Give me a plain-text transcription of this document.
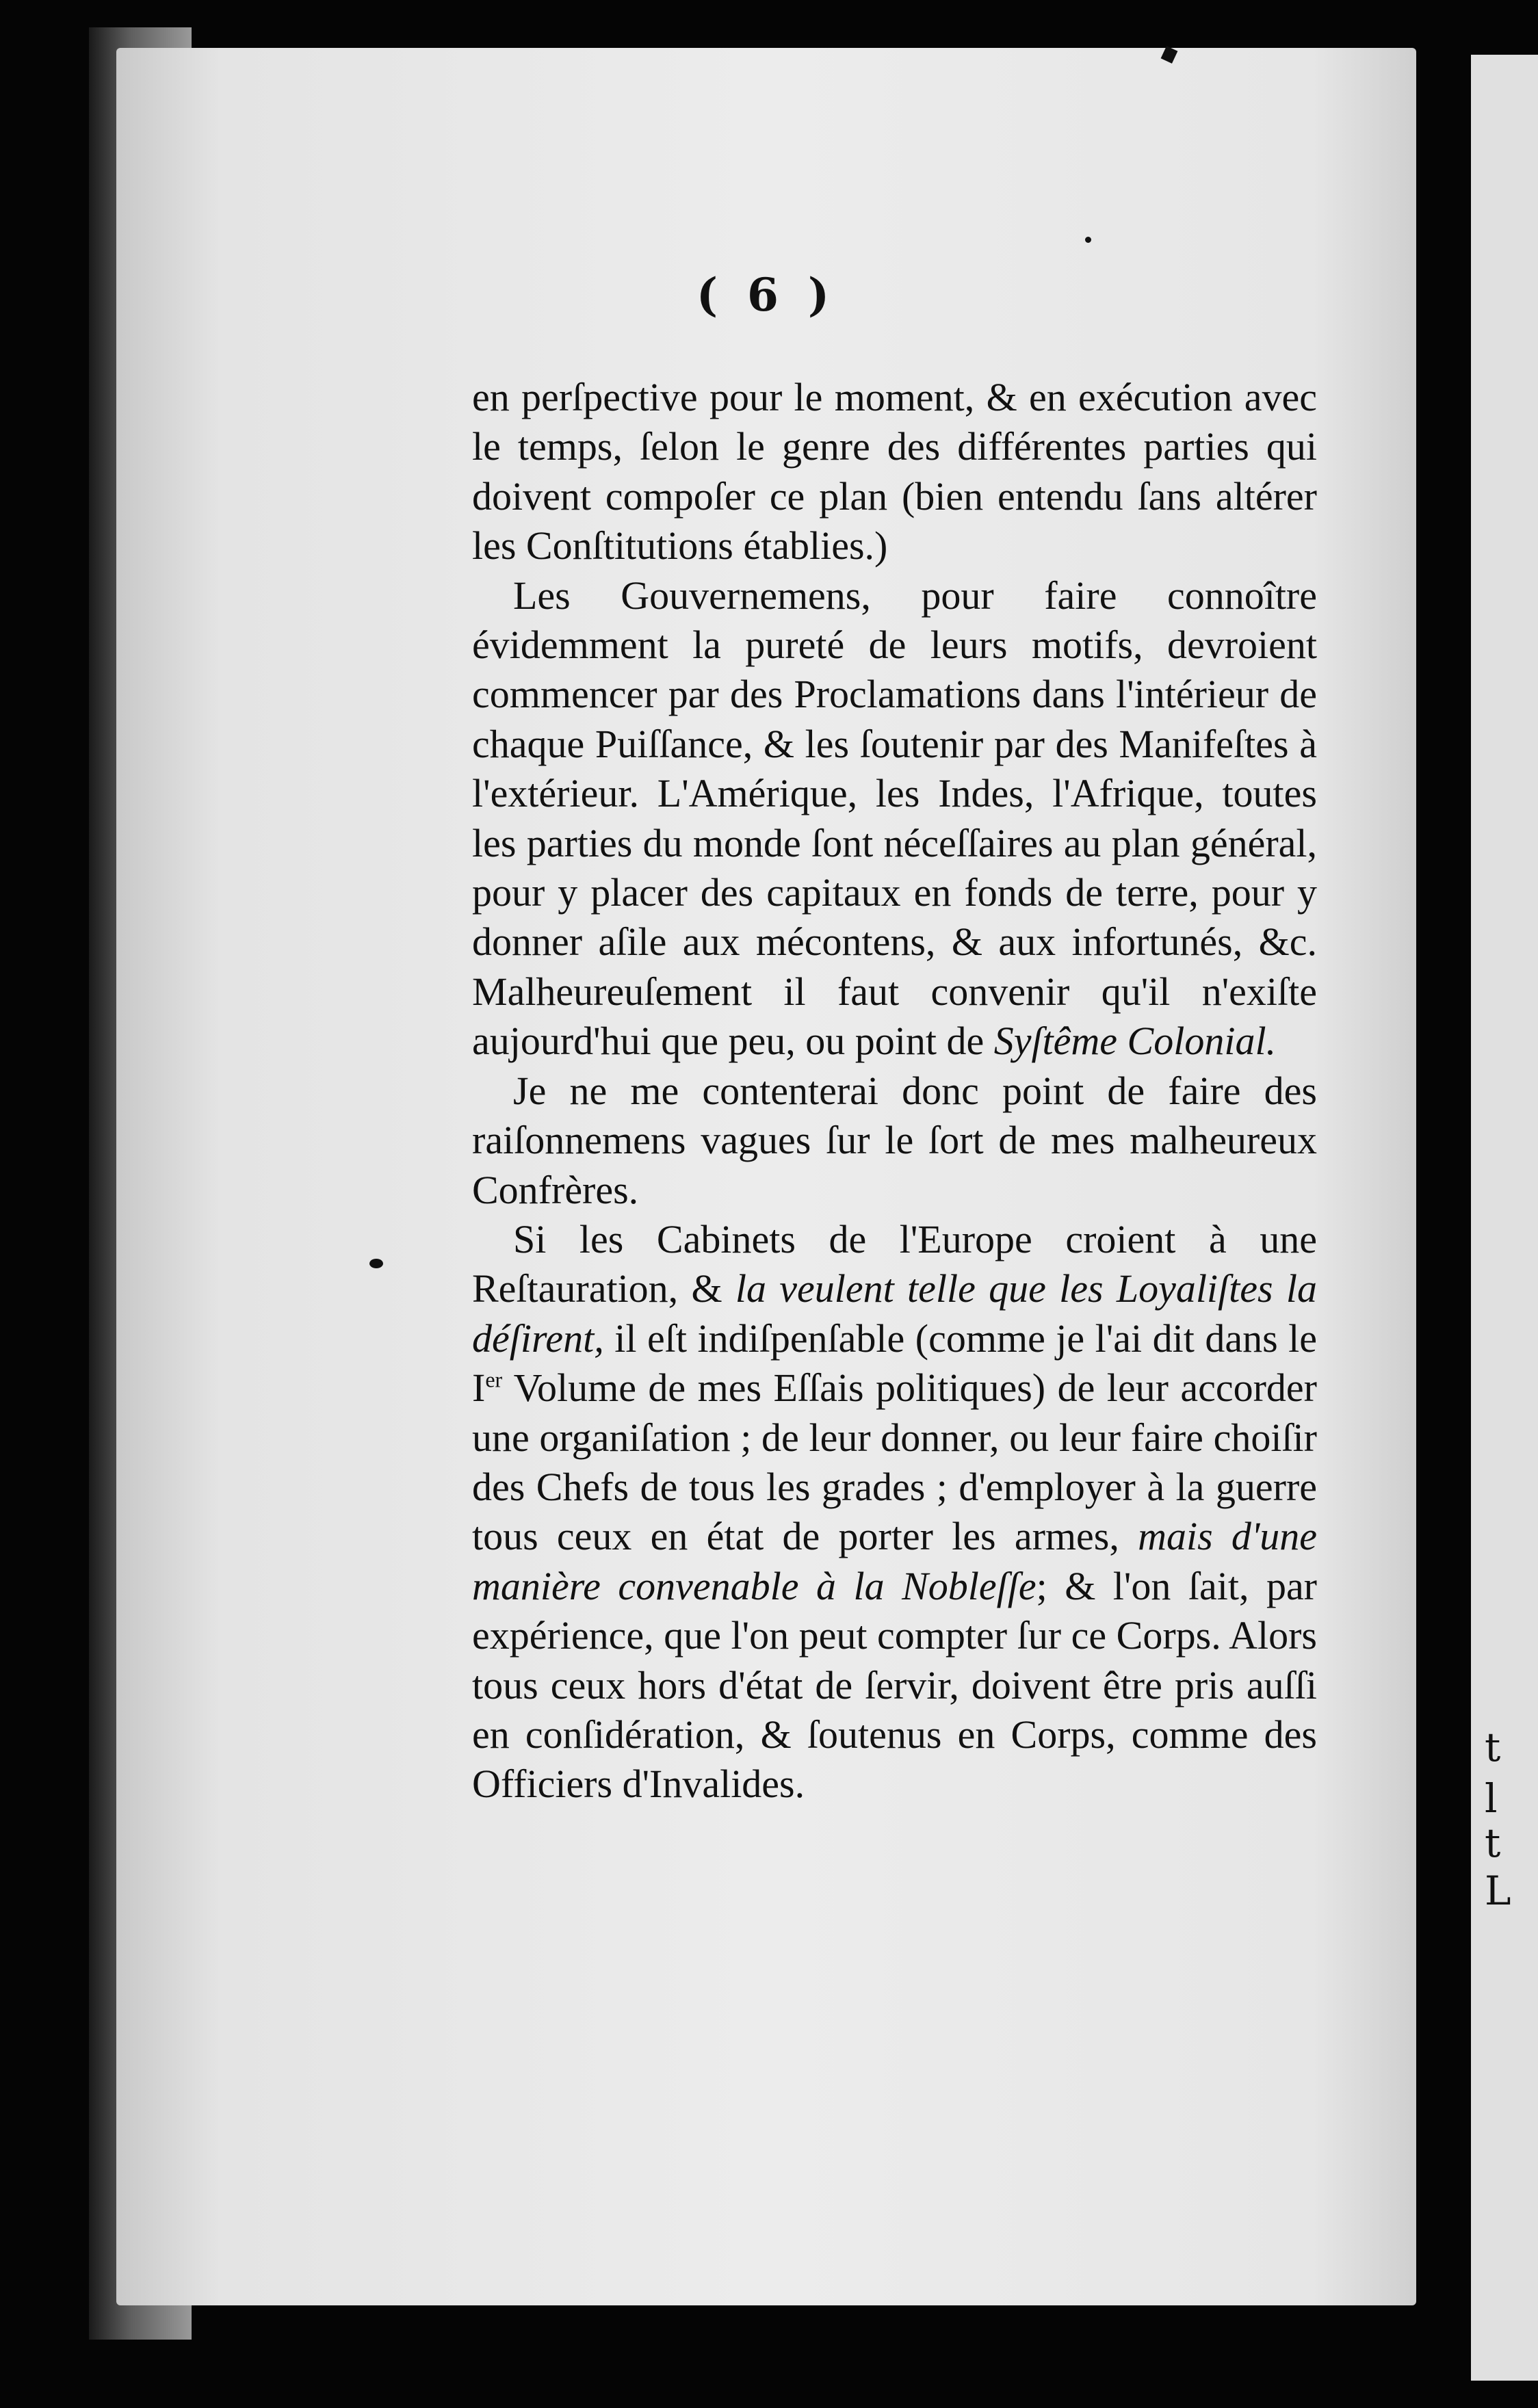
( 6 )
t
l
t
L

en perſpective pour le moment, & en exécution avec le temps, ſelon le genre des différentes parties qui doivent compoſer ce plan (bien entendu ſans altérer les Conſtitutions établies.)

Les Gouvernemens, pour faire connoître évidemment la pureté de leurs motifs, devroient commencer par des Proclamations dans l'intérieur de chaque Puiſſance, & les ſoutenir par des Manifeſtes à l'extérieur. L'Amérique, les Indes, l'Afrique, toutes les parties du monde ſont néceſſaires au plan général, pour y placer des capitaux en fonds de terre, pour y donner aſile aux mécontens, & aux infortunés, &c. Malheureuſement il faut convenir qu'il n'exiſte aujourd'hui que peu, ou point de Syſtême Colonial.

Je ne me contenterai donc point de faire des raiſonnemens vagues ſur le ſort de mes malheureux Confrères.

Si les Cabinets de l'Europe croient à une Reſtauration, & la veulent telle que les Loyaliſtes la déſirent, il eſt indiſpenſable (comme je l'ai dit dans le Ier Volume de mes Eſſais politiques) de leur accorder une organiſation ; de leur donner, ou leur faire choiſir des Chefs de tous les grades ; d'employer à la guerre tous ceux en état de porter les armes, mais d'une manière convenable à la Nobleſſe; & l'on ſait, par expérience, que l'on peut compter ſur ce Corps. Alors tous ceux hors d'état de ſervir, doivent être pris auſſi en conſidération, & ſoutenus en Corps, comme des Officiers d'Invalides.
